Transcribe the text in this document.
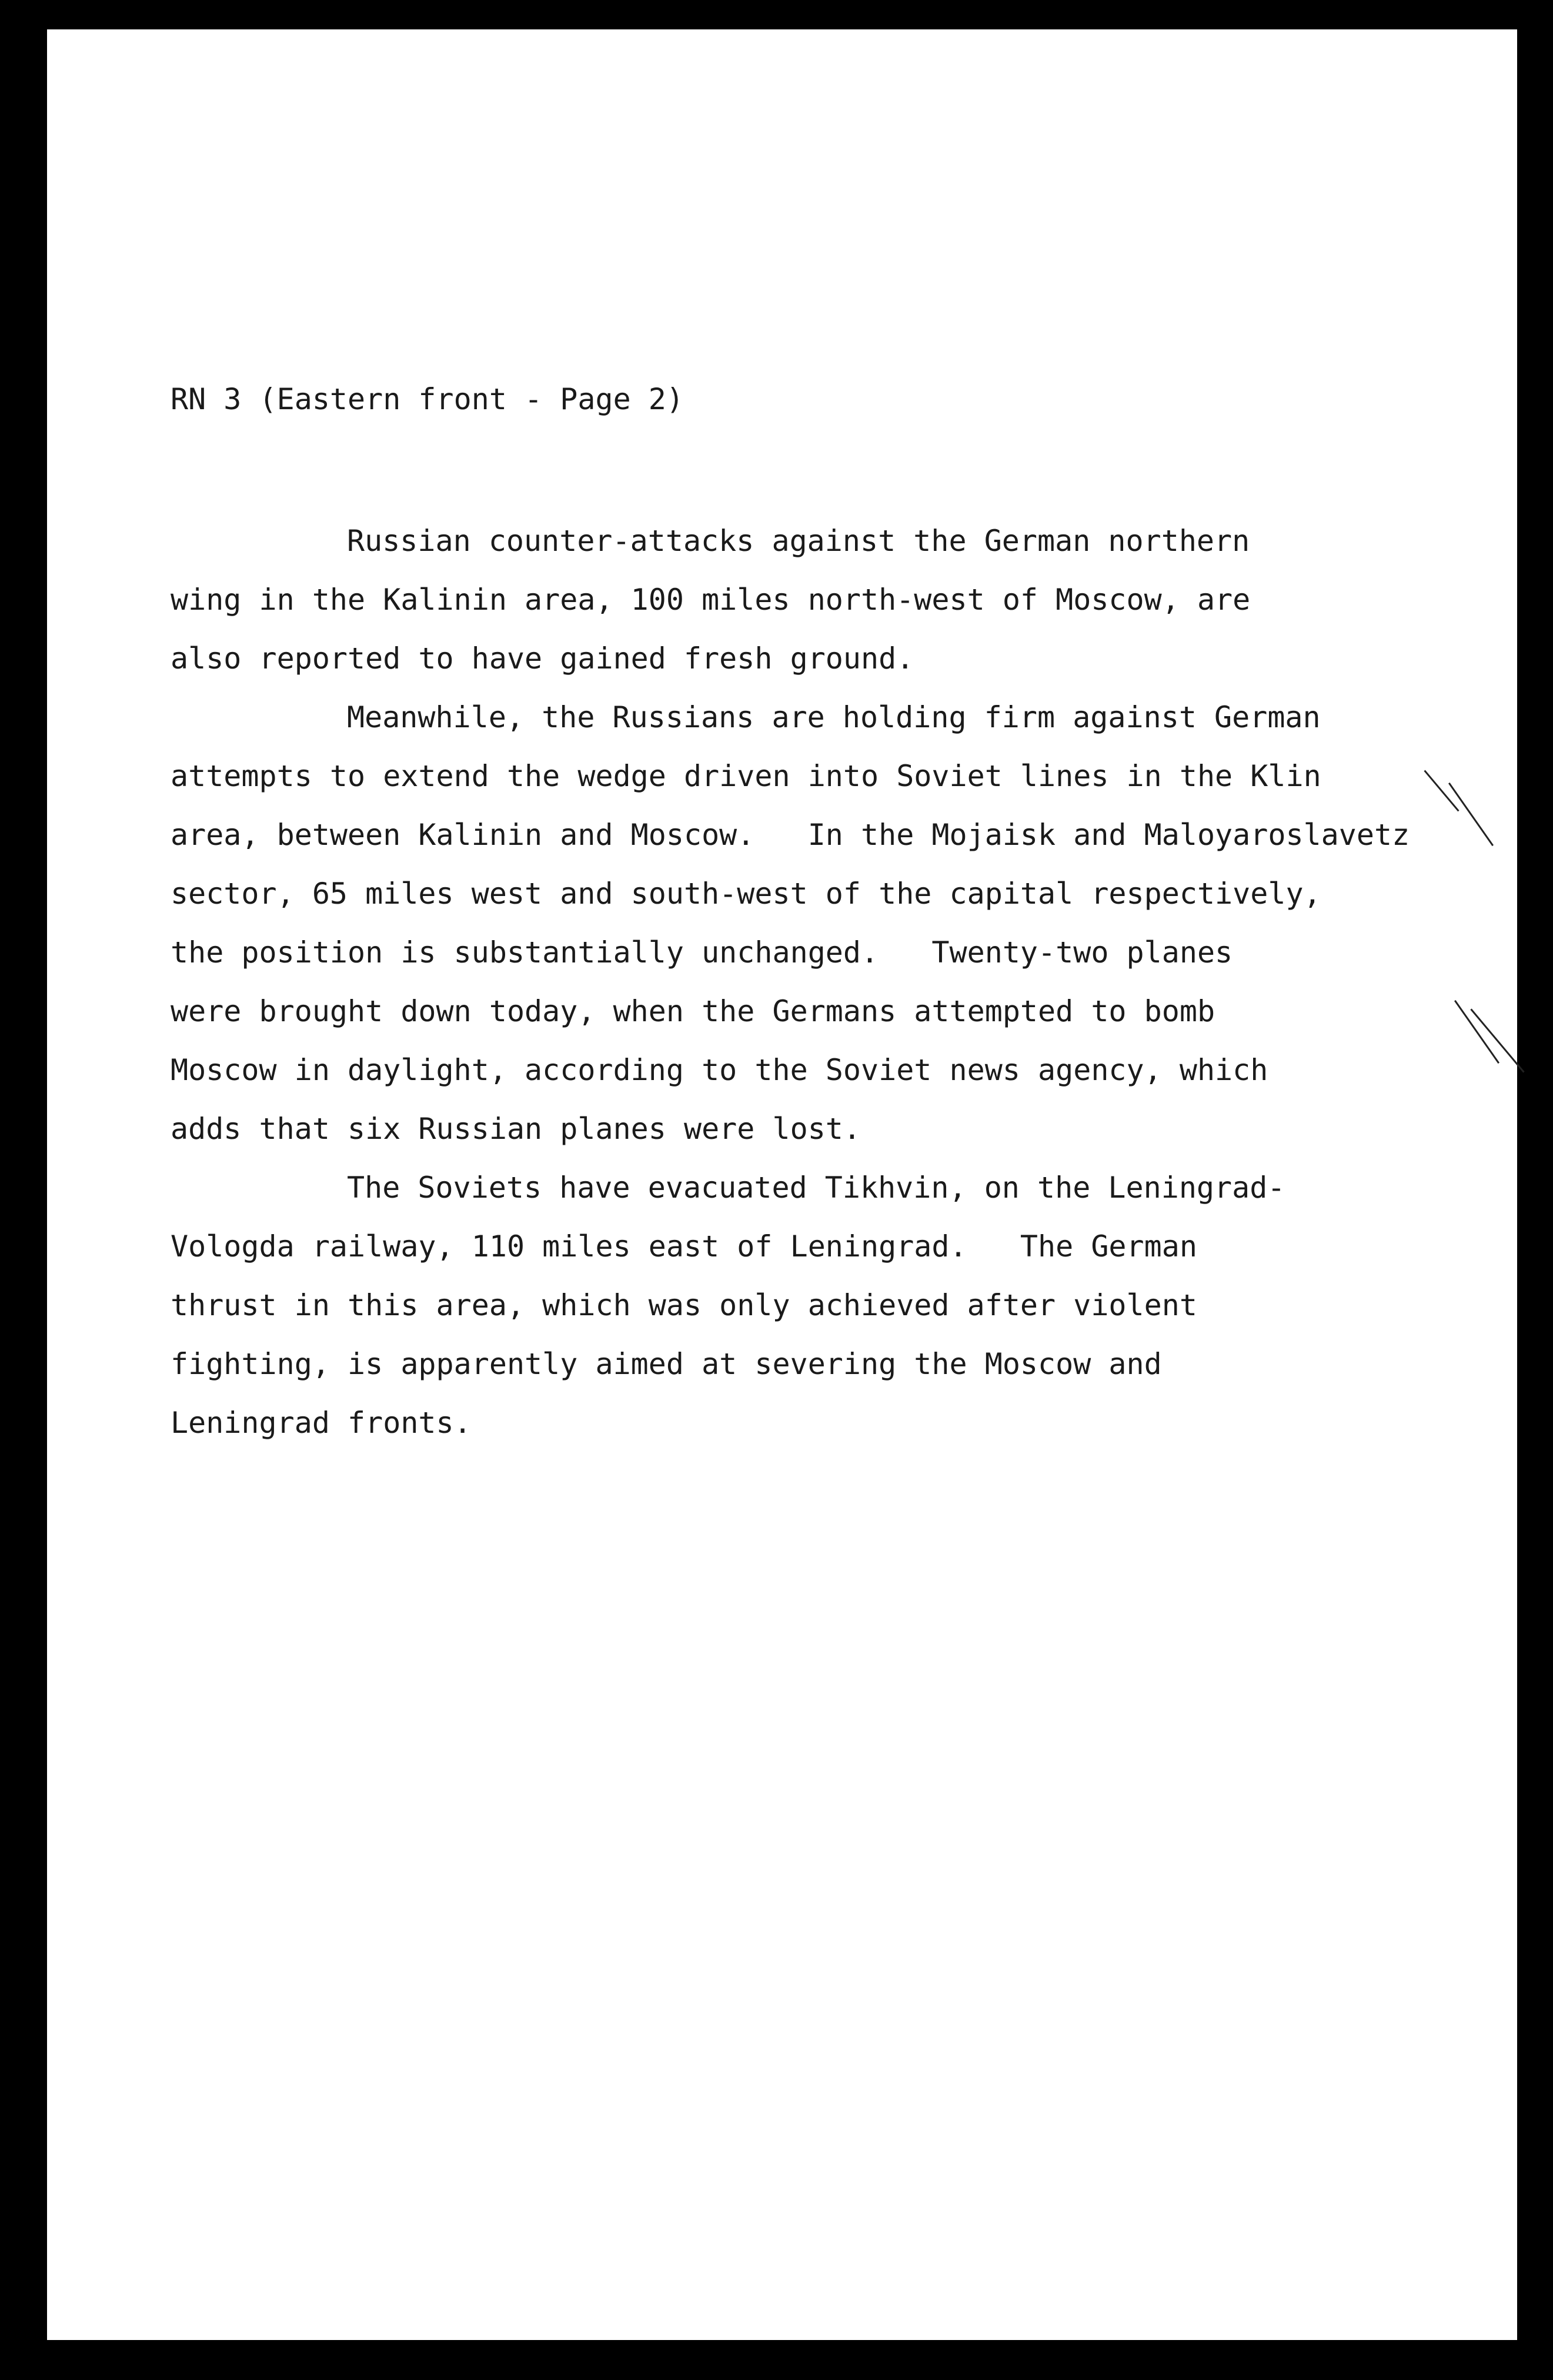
RN 3 (Eastern front - Page 2)

Russian counter-attacks against the German northern
wing in the Kalinin area, 100 miles north-west of Moscow, are
also reported to have gained fresh ground.

Meanwhile, the Russians are holding firm against German
attempts to extend the wedge driven into Soviet lines in the Klin
area, between Kalinin and Moscow.   In the Mojaisk and Maloyaroslavetz
sector, 65 miles west and south-west of the capital respectively,
the position is substantially unchanged.   Twenty-two planes
were brought down today, when the Germans attempted to bomb
Moscow in daylight, according to the Soviet news agency, which
adds that six Russian planes were lost.

The Soviets have evacuated Tikhvin, on the Leningrad-
Vologda railway, 110 miles east of Leningrad.   The German
thrust in this area, which was only achieved after violent
fighting, is apparently aimed at severing the Moscow and
Leningrad fronts.
